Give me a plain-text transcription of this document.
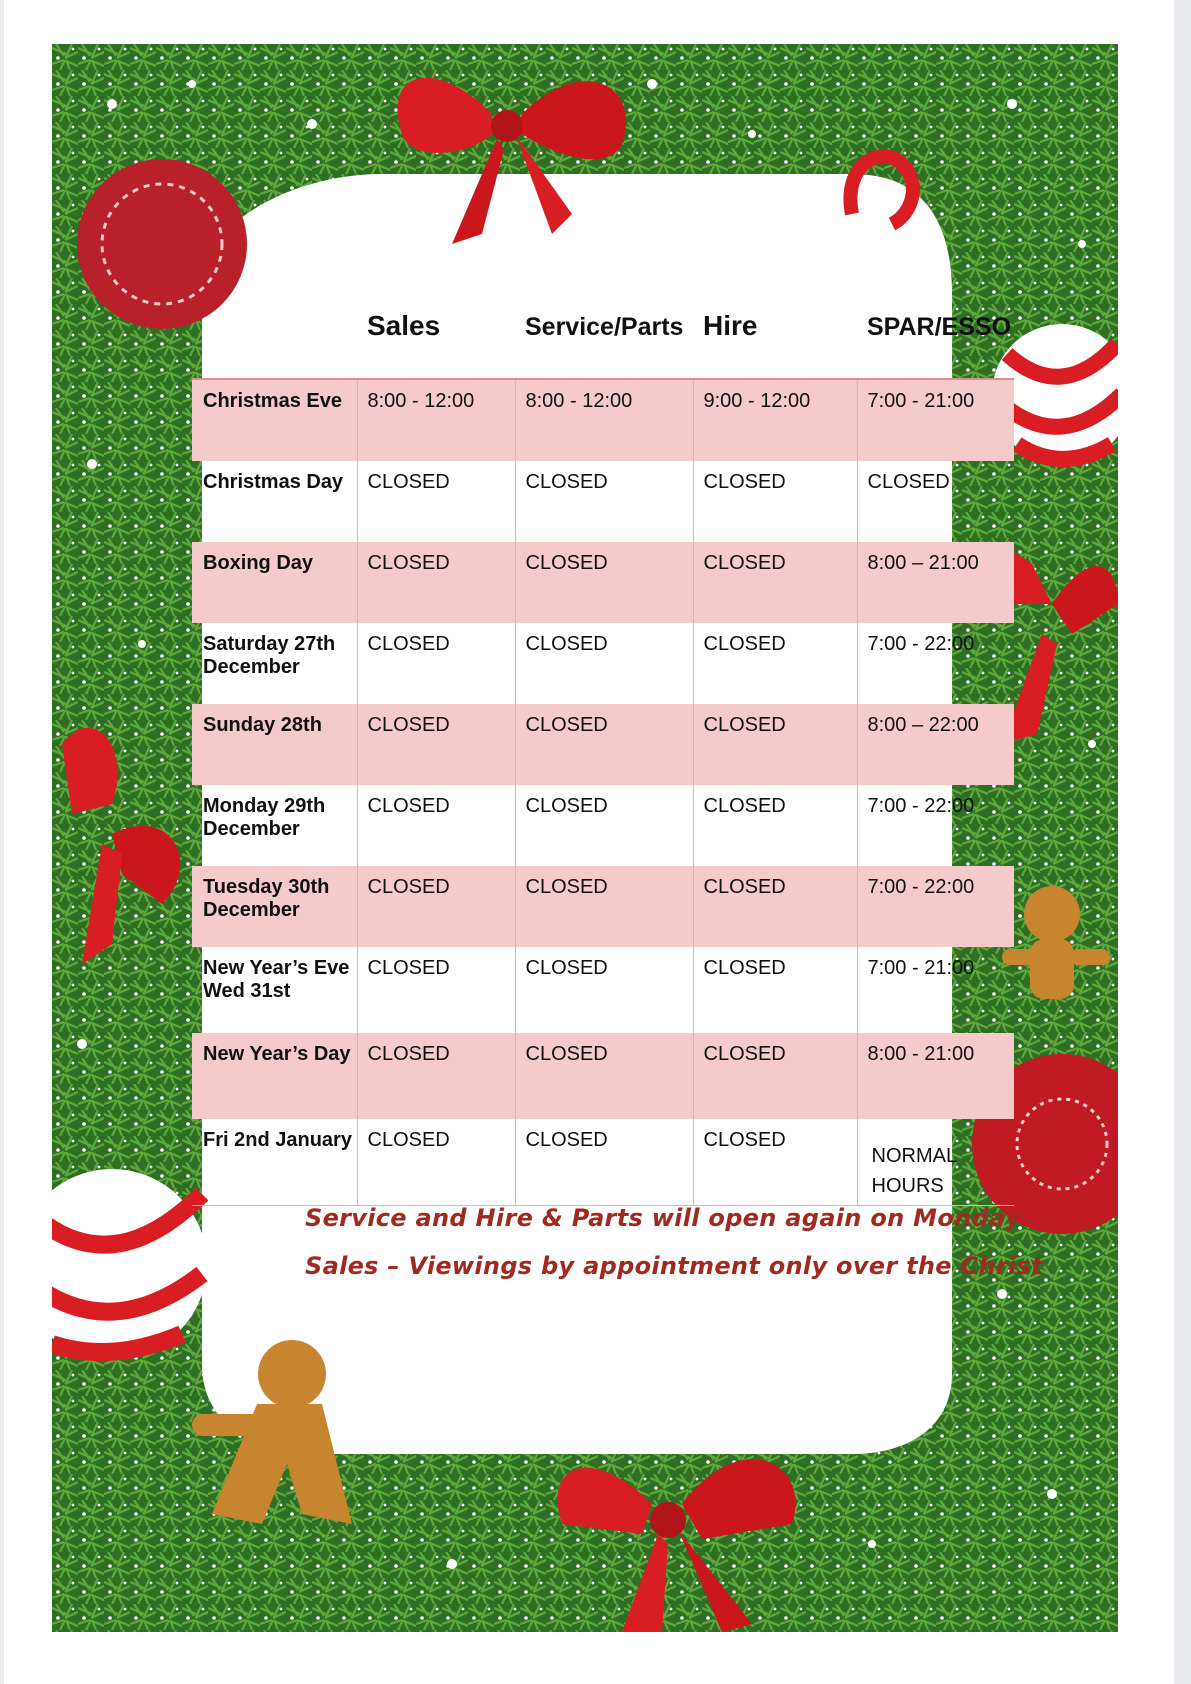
	Sales	Service/Parts	Hire	SPAR/ESSO
Christmas Eve	8:00 - 12:00	8:00 - 12:00	9:00 - 12:00	7:00 - 21:00
Christmas Day	CLOSED	CLOSED	CLOSED	CLOSED
Boxing Day	CLOSED	CLOSED	CLOSED	8:00 – 21:00
Saturday 27th December	CLOSED	CLOSED	CLOSED	7:00 - 22:00
Sunday 28th	CLOSED	CLOSED	CLOSED	8:00 – 22:00
Monday 29th December	CLOSED	CLOSED	CLOSED	7:00 - 22:00
Tuesday 30th December	CLOSED	CLOSED	CLOSED	7:00 - 22:00
New Year’s Eve Wed 31st	CLOSED	CLOSED	CLOSED	7:00 - 21:00
New Year’s Day	CLOSED	CLOSED	CLOSED	8:00 - 21:00
Fri 2nd January	CLOSED	CLOSED	CLOSED	NORMAL HOURS
Service and Hire & Parts will open again on Monday
Sales – Viewings by appointment only over the Christ
